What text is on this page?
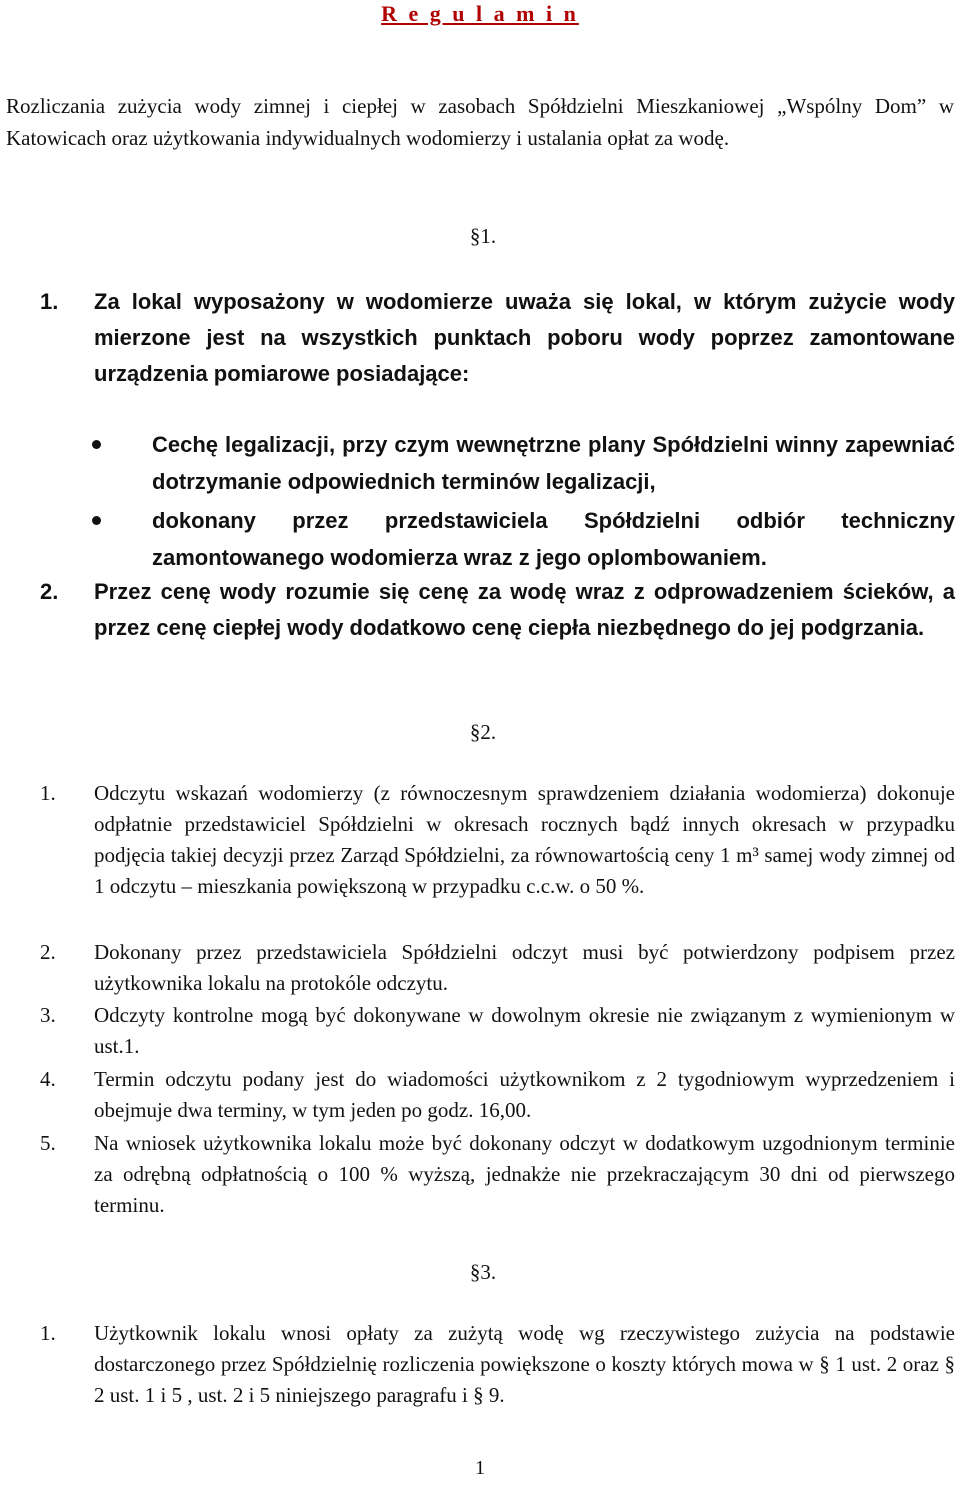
R e g u l a m i n
Rozliczania zużycia wody zimnej i ciepłej w zasobach Spółdzielni Mieszkaniowej „Wspólny Dom” w Katowicach oraz użytkowania indywidualnych wodomierzy i ustalania opłat za wodę.
§1.
1. Za lokal wyposażony w wodomierze uważa się lokal, w którym zużycie wody mierzone jest na wszystkich punktach poboru wody poprzez zamontowane urządzenia pomiarowe posiadające:
Cechę legalizacji, przy czym wewnętrzne plany Spółdzielni winny zapewniać dotrzymanie odpowiednich terminów legalizacji,
dokonany przez przedstawiciela Spółdzielni odbiór techniczny zamontowanego wodomierza wraz z jego oplombowaniem.
2. Przez cenę wody rozumie się cenę za wodę wraz z odprowadzeniem ścieków, a przez cenę ciepłej wody dodatkowo cenę ciepła niezbędnego do jej podgrzania.
§2.
1. Odczytu wskazań wodomierzy (z równoczesnym sprawdzeniem działania wodomierza) dokonuje odpłatnie przedstawiciel Spółdzielni w okresach rocznych bądź innych okresach w przypadku podjęcia takiej decyzji przez Zarząd Spółdzielni, za równowartością ceny 1 m³ samej wody zimnej od 1 odczytu – mieszkania powiększoną w przypadku c.c.w. o 50 %.
2. Dokonany przez przedstawiciela Spółdzielni odczyt musi być potwierdzony podpisem przez użytkownika lokalu na protokóle odczytu.
3. Odczyty kontrolne mogą być dokonywane w dowolnym okresie nie związanym z wymienionym w ust.1.
4. Termin odczytu podany jest do wiadomości użytkownikom z 2 tygodniowym wyprzedzeniem i obejmuje dwa terminy, w tym jeden po godz. 16,00.
5. Na wniosek użytkownika lokalu może być dokonany odczyt w dodatkowym uzgodnionym terminie za odrębną odpłatnością o 100 % wyższą, jednakże nie przekraczającym 30 dni od pierwszego terminu.
§3.
1. Użytkownik lokalu wnosi opłaty za zużytą wodę wg rzeczywistego zużycia na podstawie dostarczonego przez Spółdzielnię rozliczenia powiększone o koszty których mowa w § 1 ust. 2 oraz § 2 ust. 1 i 5 , ust. 2 i 5 niniejszego paragrafu i § 9.
1
